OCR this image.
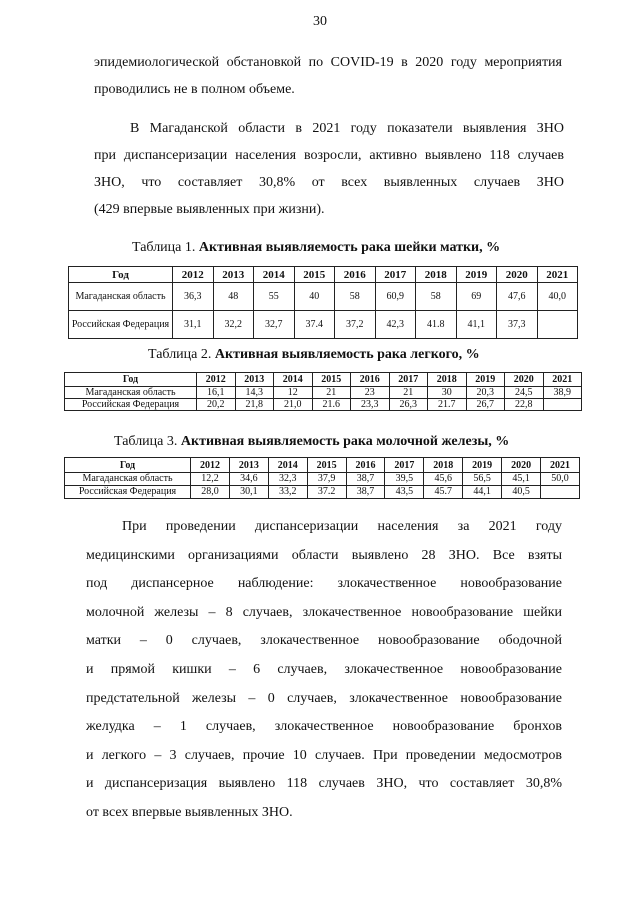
30
эпидемиологической обстановкой по COVID-19 в 2020 году мероприятия
проводились не в полном объеме.
В Магаданской области в 2021 году показатели выявления ЗНО
при диспансеризации населения возросли, активно выявлено 118 случаев
ЗНО, что составляет 30,8% от всех выявленных случаев ЗНО
(429 впервые выявленных при жизни).
Таблица 1. Активная выявляемость рака шейки матки, %
Год	2012	2013	2014	2015	2016	2017	2018	2019	2020	2021
Магаданская область	36,3	48	55	40	58	60,9	58	69	47,6	40,0
Российская Федерация	31,1	32,2	32,7	37.4	37,2	42,3	41.8	41,1	37,3	
Таблица 2. Активная выявляемость рака легкого, %
Год	2012	2013	2014	2015	2016	2017	2018	2019	2020	2021
Магаданская область	16,1	14,3	12	21	23	21	30	20,3	24,5	38,9
Российская Федерация	20,2	21,8	21,0	21.6	23,3	26,3	21.7	26,7	22,8	
Таблица 3. Активная выявляемость рака молочной железы, %
Год	2012	2013	2014	2015	2016	2017	2018	2019	2020	2021
Магаданская область	12,2	34,6	32,3	37,9	38,7	39,5	45,6	56,5	45,1	50,0
Российская Федерация	28,0	30,1	33,2	37.2	38,7	43,5	45.7	44,1	40,5	
При проведении диспансеризации населения за 2021 году
медицинскими организациями области выявлено 28 ЗНО. Все взяты
под диспансерное наблюдение: злокачественное новообразование
молочной железы – 8 случаев, злокачественное новообразование шейки
матки – 0 случаев, злокачественное новообразование ободочной
и прямой кишки – 6 случаев, злокачественное новообразование
предстательной железы – 0 случаев, злокачественное новообразование
желудка – 1 случаев, злокачественное новообразование бронхов
и легкого – 3 случаев, прочие 10 случаев. При проведении медосмотров
и диспансеризация выявлено 118 случаев ЗНО, что составляет 30,8%
от всех впервые выявленных ЗНО.
